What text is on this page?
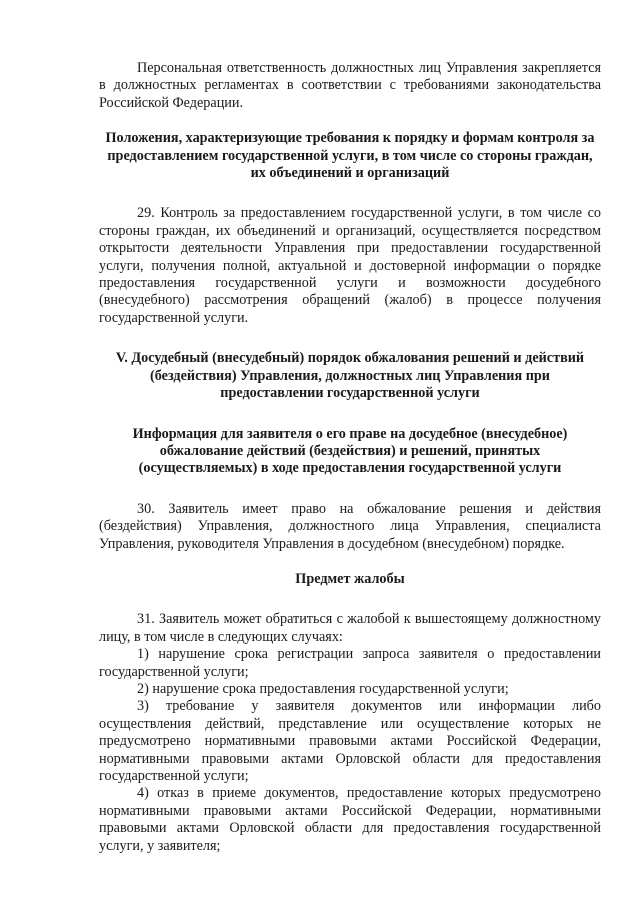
Персональная ответственность должностных лиц Управления закрепляется в должностных регламентах в соответствии с требованиями законодательства Российской Федерации.

Положения, характеризующие требования к порядку и формам контроля за предоставлением государственной услуги, в том числе со стороны граждан, их объединений и организаций

29. Контроль за предоставлением государственной услуги, в том числе со стороны граждан, их объединений и организаций, осуществляется посредством открытости деятельности Управления при предоставлении государственной услуги, получения полной, актуальной и достоверной информации о порядке предоставления государственной услуги и возможности досудебного (внесудебного) рассмотрения обращений (жалоб) в процессе получения государственной услуги.

V. Досудебный (внесудебный) порядок обжалования решений и действий (бездействия) Управления, должностных лиц Управления при предоставлении государственной услуги
Информация для заявителя о его праве на досудебное (внесудебное) обжалование действий (бездействия) и решений, принятых (осуществляемых) в ходе предоставления государственной услуги

30. Заявитель имеет право на обжалование решения и действия (бездействия) Управления, должностного лица Управления, специалиста Управления, руководителя Управления в досудебном (внесудебном) порядке.

Предмет жалобы

31. Заявитель может обратиться с жалобой к вышестоящему должностному лицу, в том числе в следующих случаях:

1) нарушение срока регистрации запроса заявителя о предоставлении государственной услуги;

2) нарушение срока предоставления государственной услуги;

3) требование у заявителя документов или информации либо осуществления действий, представление или осуществление которых не предусмотрено нормативными правовыми актами Российской Федерации, нормативными правовыми актами Орловской области для предоставления государственной услуги;

4) отказ в приеме документов, предоставление которых предусмотрено нормативными правовыми актами Российской Федерации, нормативными правовыми актами Орловской области для предоставления государственной услуги, у заявителя;
